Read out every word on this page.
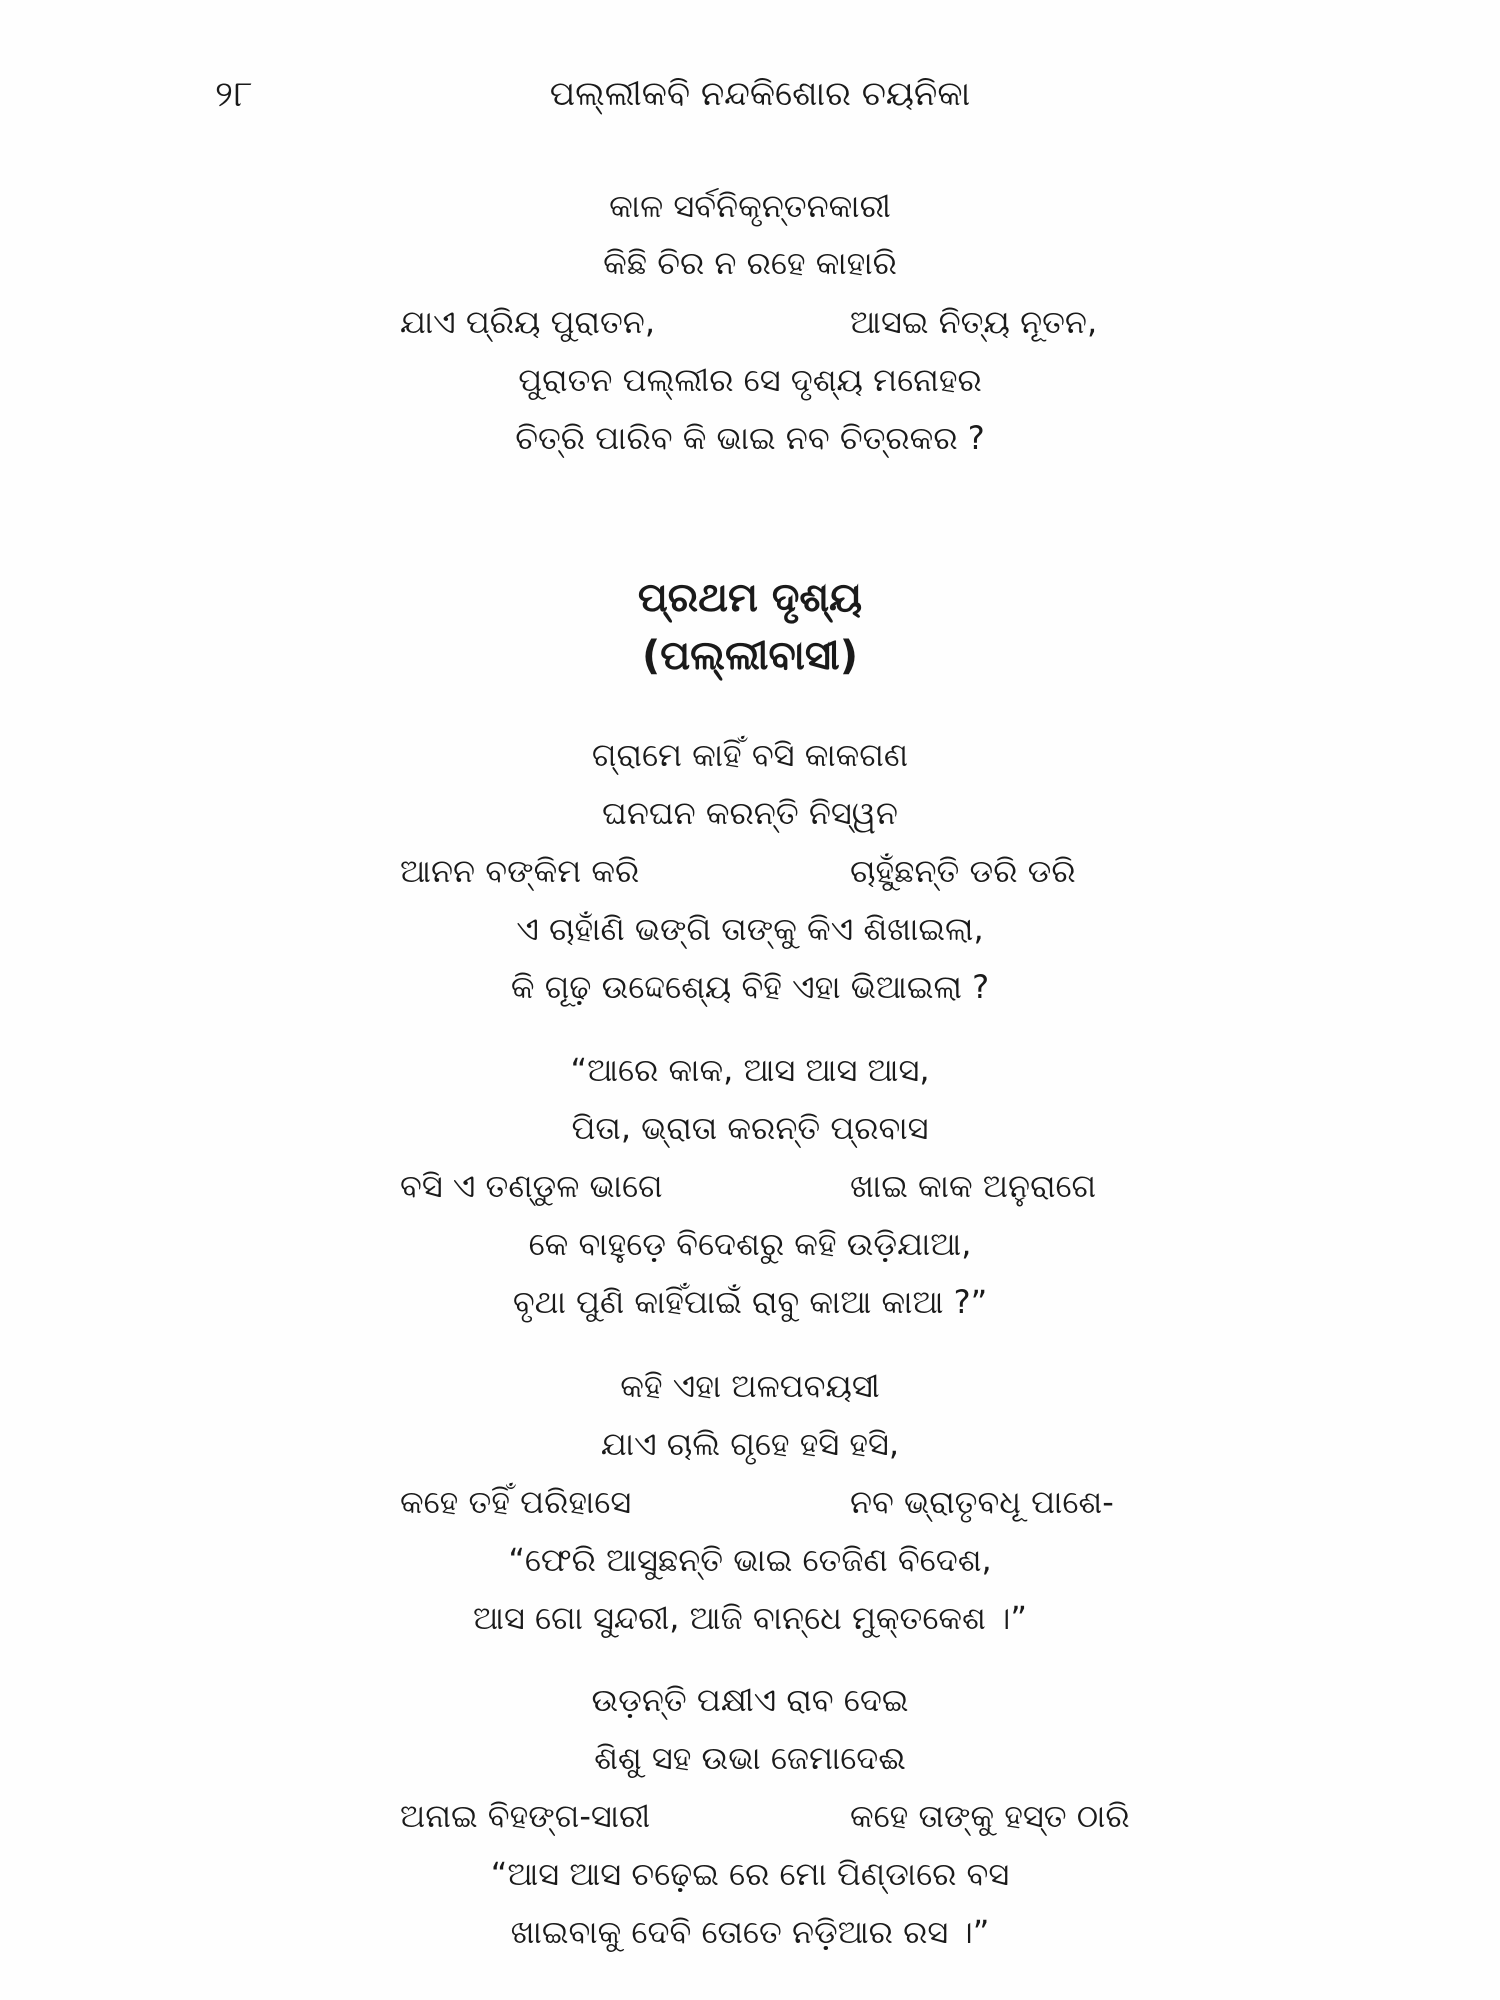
୨୮	ପଲ୍ଲୀକବି ନନ୍ଦକିଶୋର ଚୟନିକା
କାଳ ସର୍ବନିକୃନ୍ତନକାରୀ
କିଛି ଚିର ନ ରହେ କାହାରି
ଯାଏ ପ୍ରିୟ ପୁରାତନ,	ଆସଇ ନିତ୍ୟ ନୂତନ,
ପୁରାତନ ପଲ୍ଲୀର ସେ ଦୃଶ୍ୟ ମନୋହର
ଚିତ୍ରି ପାରିବ କି ଭାଇ ନବ ଚିତ୍ରକର ?
ପ୍ରଥମ ଦୃଶ୍ୟ
(ପଲ୍ଲୀବାସୀ)
ଗ୍ରାମେ କାହିଁ ବସି କାକଗଣ
ଘନଘନ କରନ୍ତି ନିସ୍ୱନ
ଆନନ ବଙ୍କିମ କରି	ଚାହୁଁଛନ୍ତି ଡରି ଡରି
ଏ ଚାହାଁଣି ଭଙ୍ଗି ତାଙ୍କୁ କିଏ ଶିଖାଇଲା,
କି ଗୂଢ଼ ଉଦ୍ଦେଶ୍ୟେ ବିହି ଏହା ଭିଆଇଲା ?
“ଆରେ କାକ, ଆସ ଆସ ଆସ,
ପିତା, ଭ୍ରାତା କରନ୍ତି ପ୍ରବାସ
ବସି ଏ ତଣ୍ଡୁଳ ଭାଗେ	ଖାଇ କାକ ଅନୁରାଗେ
କେ ବାହୁଡ଼େ ବିଦେଶରୁ କହି ଉଡ଼ିଯାଆ,
ବୃଥା ପୁଣି କାହିଁପାଇଁ ରାବୁ କାଆ କାଆ ?”
କହି ଏହା ଅଳପବୟସୀ
ଯାଏ ଚାଲି ଗୃହେ ହସି ହସି,
କହେ ତହିଁ ପରିହାସେ	ନବ ଭ୍ରାତୃବଧୂ ପାଶେ-
“ଫେରି ଆସୁଛନ୍ତି ଭାଇ ତେଜିଣ ବିଦେଶ,
ଆସ ଗୋ ସୁନ୍ଦରୀ, ଆଜି ବାନ୍ଧେ ମୁକ୍ତକେଶ ।”
ଉଡ଼ନ୍ତି ପକ୍ଷୀଏ ରାବ ଦେଇ
ଶିଶୁ ସହ ଉଭା ଜେମାଦେଈ
ଅନାଇ ବିହଙ୍ଗ-ସାରୀ	କହେ ତାଙ୍କୁ ହସ୍ତ ଠାରି
“ଆସ ଆସ ଚଢ଼େଇ ରେ ମୋ ପିଣ୍ଡାରେ ବସ
ଖାଇବାକୁ ଦେବି ତୋତେ ନଡ଼ିଆର ରସ ।”
